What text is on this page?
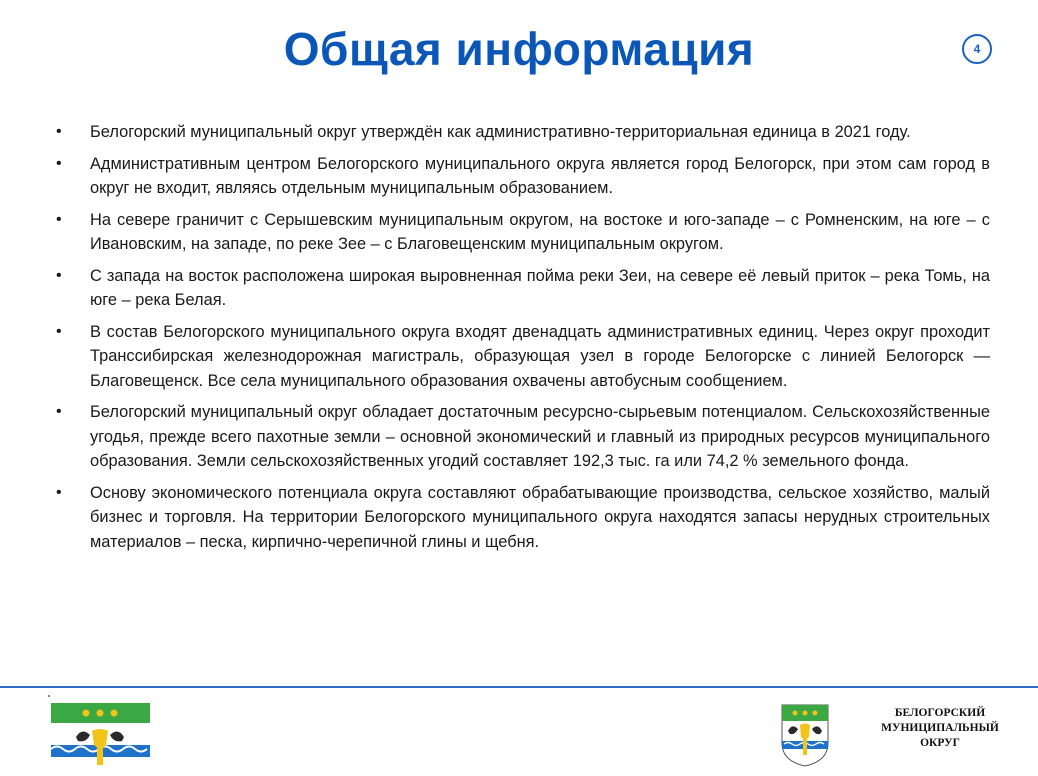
Общая информация	4
• Белогорский муниципальный округ утверждён как административно-территориальная единица в 2021 году.
• Административным центром Белогорского муниципального округа является город Белогорск, при этом сам город в округ не входит, являясь отдельным муниципальным образованием.
• На севере граничит с Серышевским муниципальным округом, на востоке и юго-западе – с Ромненским, на юге – с Ивановским, на западе, по реке Зее – с Благовещенским муниципальным округом.
• С запада на восток расположена широкая выровненная пойма реки Зеи, на севере её левый приток – река Томь, на юге – река Белая.
• В состав Белогорского муниципального округа входят двенадцать административных единиц. Через округ проходит Транссибирская железнодорожная магистраль, образующая узел в городе Белогорске с линией Белогорск — Благовещенск. Все села муниципального образования охвачены автобусным сообщением.
• Белогорский муниципальный округ обладает достаточным ресурсно-сырьевым потенциалом. Сельскохозяйственные угодья, прежде всего пахотные земли – основной экономический и главный из природных ресурсов муниципального образования. Земли сельскохозяйственных угодий составляет 192,3 тыс. га или 74,2 % земельного фонда.
• Основу экономического потенциала округа составляют обрабатывающие производства, сельское хозяйство, малый бизнес и торговля. На территории Белогорского муниципального округа находятся запасы нерудных строительных материалов – песка, кирпично-черепичной глины и щебня.
БЕЛОГОРСКИЙ
МУНИЦИПАЛЬНЫЙ
ОКРУГ
